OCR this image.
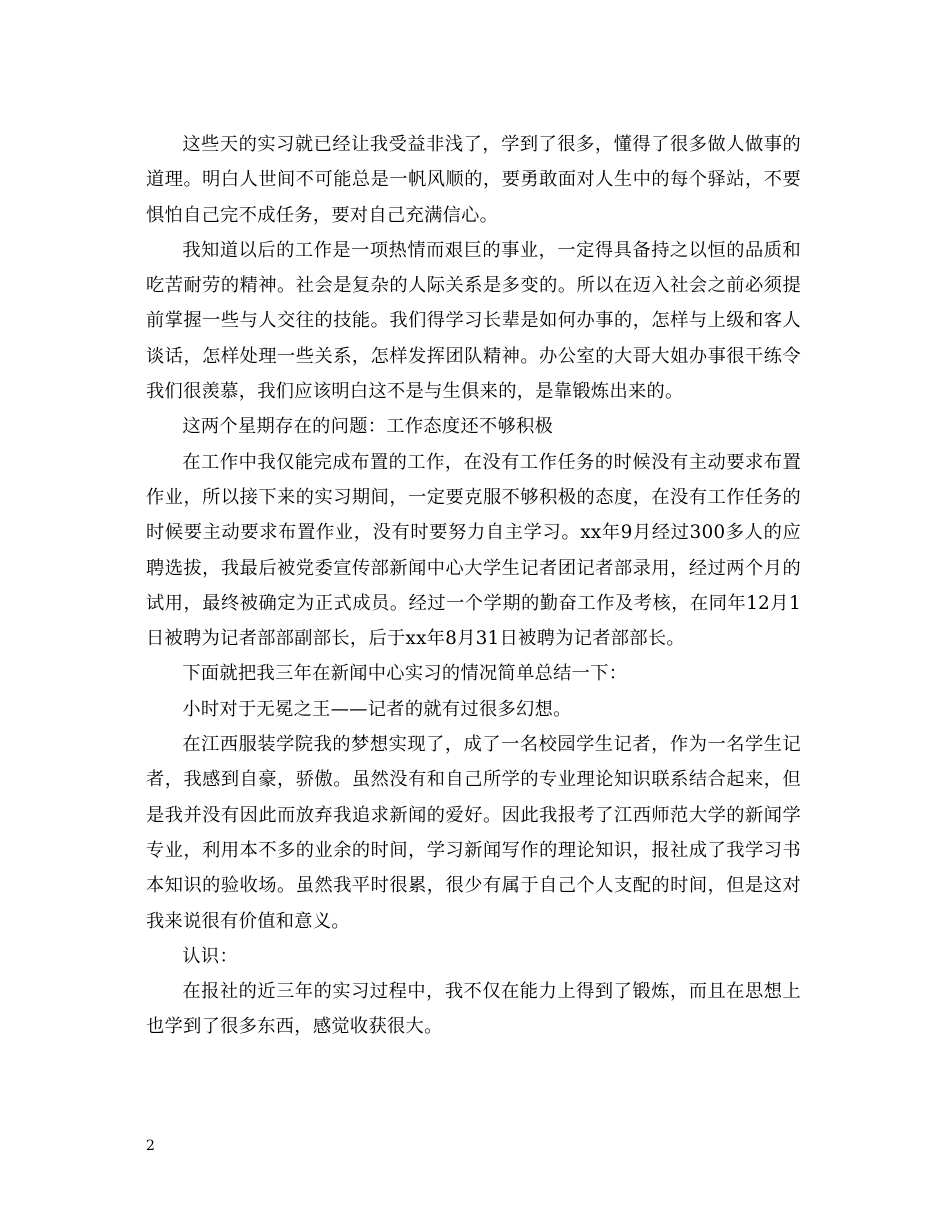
这些天的实习就已经让我受益非浅了，学到了很多，懂得了很多做人做事的道理。明白人世间不可能总是一帆风顺的，要勇敢面对人生中的每个驿站，不要惧怕自己完不成任务，要对自己充满信心。

我知道以后的工作是一项热情而艰巨的事业，一定得具备持之以恒的品质和吃苦耐劳的精神。社会是复杂的人际关系是多变的。所以在迈入社会之前必须提前掌握一些与人交往的技能。我们得学习长辈是如何办事的，怎样与上级和客人谈话，怎样处理一些关系，怎样发挥团队精神。办公室的大哥大姐办事很干练令我们很羡慕，我们应该明白这不是与生俱来的，是靠锻炼出来的。

这两个星期存在的问题：工作态度还不够积极

在工作中我仅能完成布置的工作，在没有工作任务的时候没有主动要求布置作业，所以接下来的实习期间，一定要克服不够积极的态度，在没有工作任务的时候要主动要求布置作业，没有时要努力自主学习。xx年9月经过300多人的应聘选拔，我最后被党委宣传部新闻中心大学生记者团记者部录用，经过两个月的试用，最终被确定为正式成员。经过一个学期的勤奋工作及考核，在同年12月1日被聘为记者部部副部长，后于xx年8月31日被聘为记者部部长。

下面就把我三年在新闻中心实习的情况简单总结一下：

小时对于无冕之王——记者的就有过很多幻想。

在江西服装学院我的梦想实现了，成了一名校园学生记者，作为一名学生记者，我感到自豪，骄傲。虽然没有和自己所学的专业理论知识联系结合起来，但是我并没有因此而放弃我追求新闻的爱好。因此我报考了江西师范大学的新闻学专业，利用本不多的业余的时间，学习新闻写作的理论知识，报社成了我学习书本知识的验收场。虽然我平时很累，很少有属于自己个人支配的时间，但是这对我来说很有价值和意义。

认识：

在报社的近三年的实习过程中，我不仅在能力上得到了锻炼，而且在思想上也学到了很多东西，感觉收获很大。

2
